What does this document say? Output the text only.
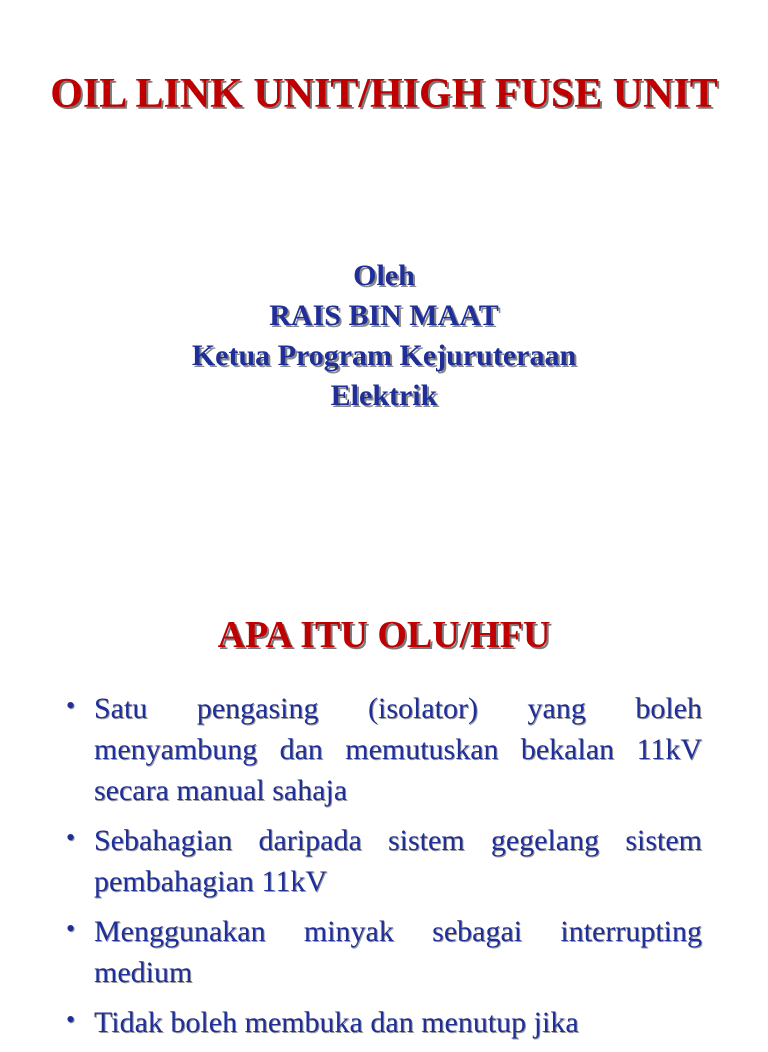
OIL LINK UNIT/HIGH FUSE UNIT
Oleh
RAIS BIN MAAT
Ketua Program Kejuruteraan
Elektrik
APA ITU OLU/HFU
• Satu pengasing (isolator) yang boleh menyambung dan memutuskan bekalan 11kV secara manual sahaja
• Sebahagian daripada sistem gegelang sistem pembahagian 11kV
• Menggunakan minyak sebagai interrupting medium
• Tidak boleh membuka dan menutup jika
